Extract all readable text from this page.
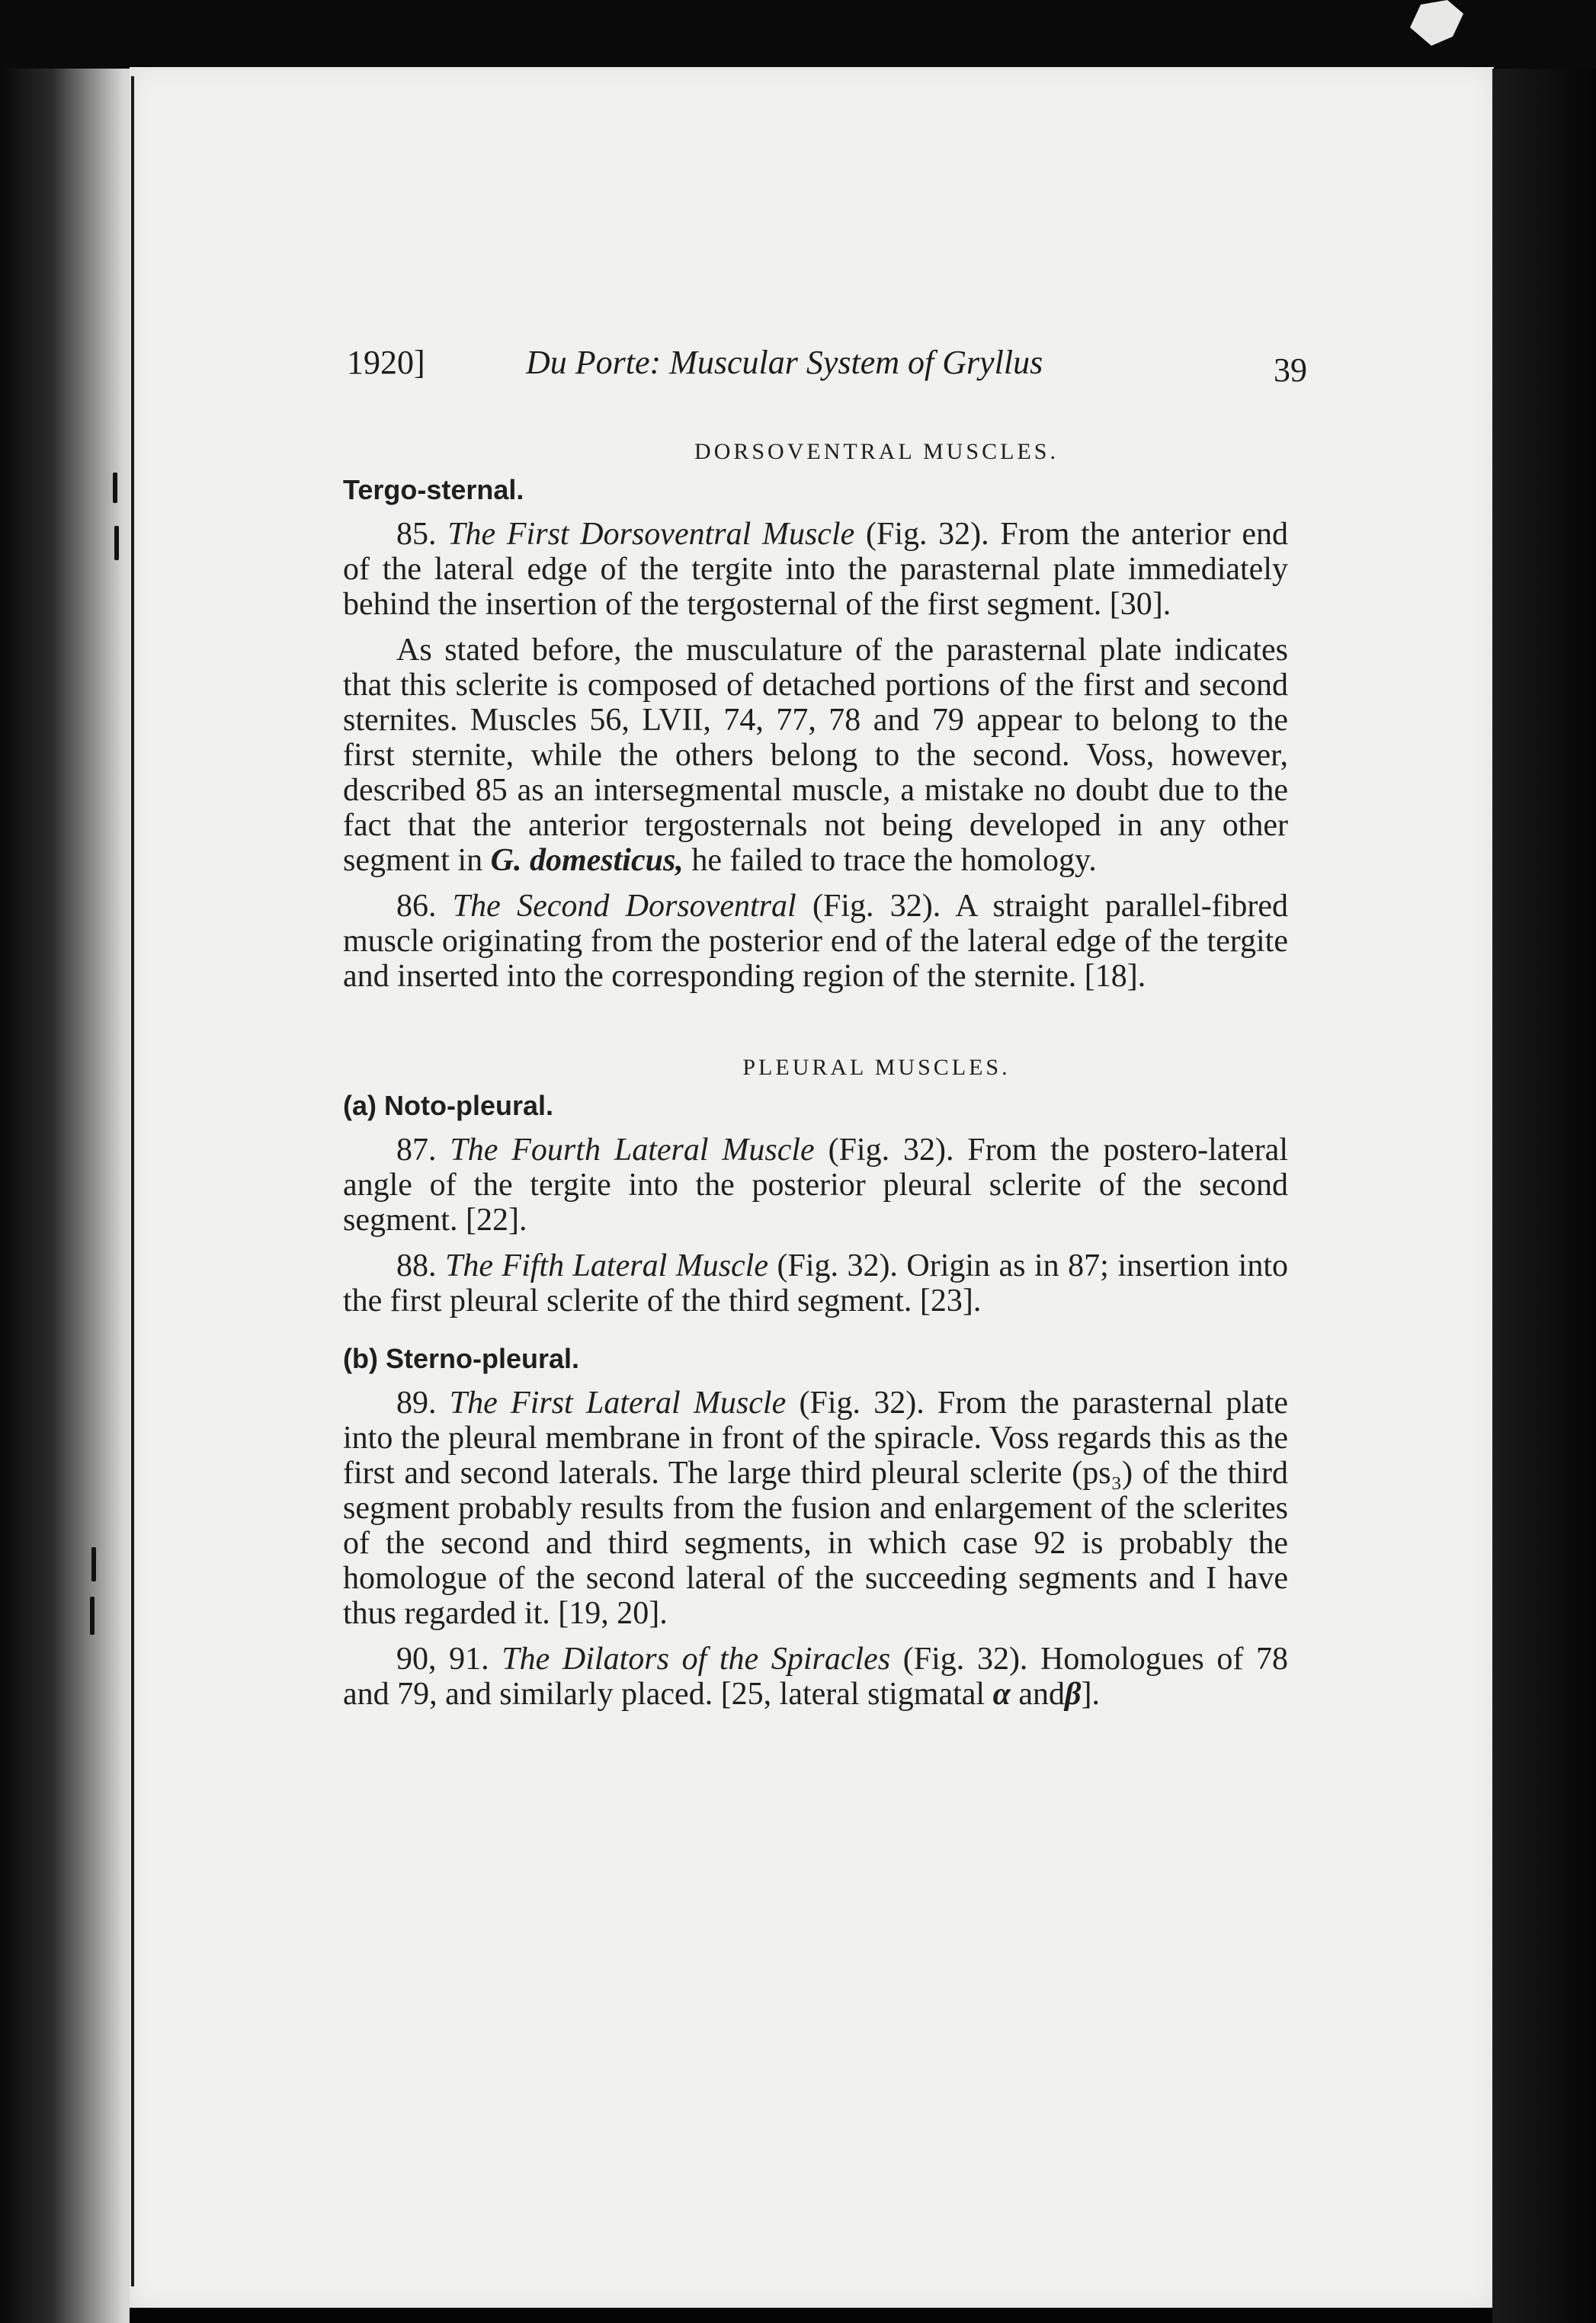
1920]	Du Porte: Muscular System of Gryllus	39
DORSOVENTRAL MUSCLES.
Tergo-sternal.

85. The First Dorsoventral Muscle (Fig. 32). From the anterior end of the lateral edge of the tergite into the parasternal plate immediately behind the insertion of the tergosternal of the first segment. [30].

As stated before, the musculature of the parasternal plate indicates that this sclerite is composed of detached portions of the first and second sternites. Muscles 56, LVII, 74, 77, 78 and 79 appear to belong to the first sternite, while the others belong to the second. Voss, however, described 85 as an intersegmental muscle, a mistake no doubt due to the fact that the anterior tergosternals not being developed in any other segment in G. domesticus, he failed to trace the homology.

86. The Second Dorsoventral (Fig. 32). A straight parallel-fibred muscle originating from the posterior end of the lateral edge of the tergite and inserted into the corresponding region of the sternite. [18].

PLEURAL MUSCLES.
(a) Noto-pleural.

87. The Fourth Lateral Muscle (Fig. 32). From the postero-lateral angle of the tergite into the posterior pleural sclerite of the second segment. [22].

88. The Fifth Lateral Muscle (Fig. 32). Origin as in 87; insertion into the first pleural sclerite of the third segment. [23].

(b) Sterno-pleural.

89. The First Lateral Muscle (Fig. 32). From the parasternal plate into the pleural membrane in front of the spiracle. Voss regards this as the first and second laterals. The large third pleural sclerite (ps₃) of the third segment probably results from the fusion and enlargement of the sclerites of the second and third segments, in which case 92 is probably the homologue of the second lateral of the succeeding segments and I have thus regarded it. [19, 20].

90, 91. The Dilators of the Spiracles (Fig. 32). Homologues of 78 and 79, and similarly placed. [25, lateral stigmatal α andβ].
